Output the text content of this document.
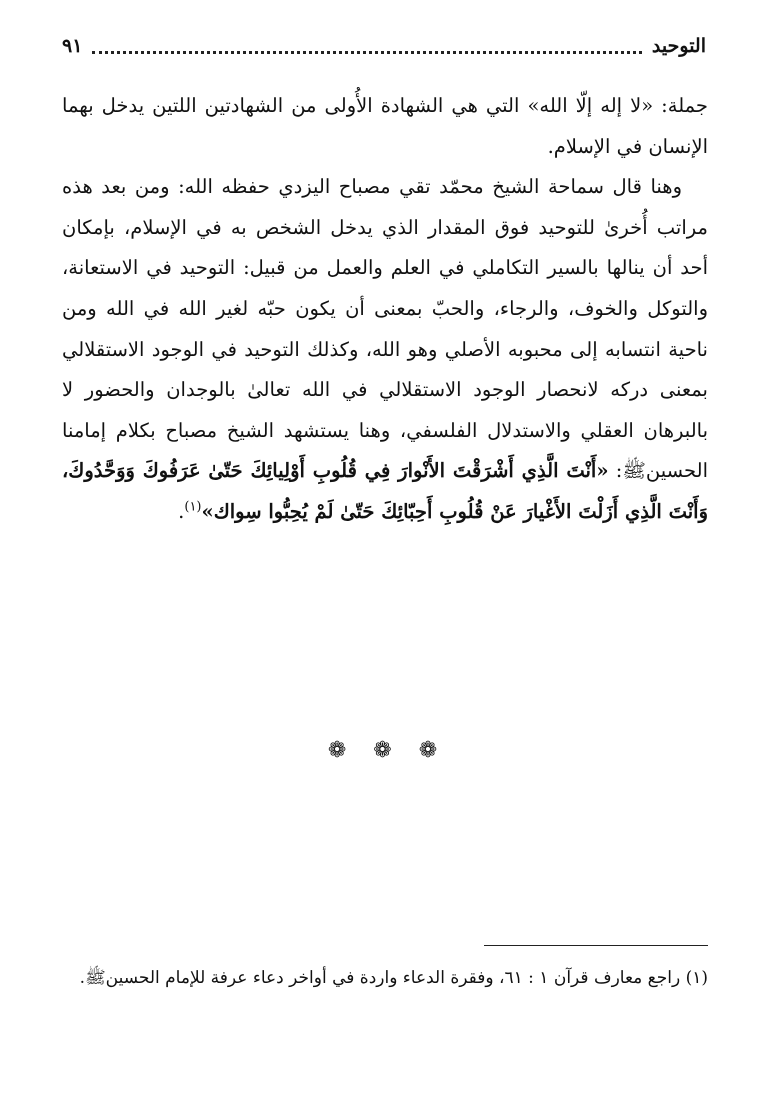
التوحيد
٩١

جملة: «لا إله إلّا الله» التي هي الشهادة الأُولى من الشهادتين اللتين يدخل بهما الإنسان في الإسلام.

وهنا قال سماحة الشيخ محمّد تقي مصباح اليزدي حفظه الله: ومن بعد هذه مراتب أُخرىٰ للتوحيد فوق المقدار الذي يدخل الشخص به في الإسلام، بإمكان أحد أن ينالها بالسير التكاملي في العلم والعمل من قبيل: التوحيد في الاستعانة، والتوكل والخوف، والرجاء، والحبّ بمعنى أن يكون حبّه لغير الله في الله ومن ناحية انتسابه إلى محبوبه الأصلي وهو الله، وكذلك التوحيد في الوجود الاستقلالي بمعنى دركه لانحصار الوجود الاستقلالي في الله تعالىٰ بالوجدان والحضور لا بالبرهان العقلي والاستدلال الفلسفي، وهنا يستشهد الشيخ مصباح بكلام إمامنا الحسينﷺ: «أَنْتَ الَّذِي أَشْرَقْتَ الأَنْوارَ فِي قُلُوبِ أَوْلِيائِكَ حَتّىٰ عَرَفُوكَ وَوَحَّدُوكَ، وَأَنْتَ الَّذِي أَزَلْتَ الأَغْيارَ عَنْ قُلُوبِ أَحِبّائِكَ حَتّىٰ لَمْ يُحِبُّوا سِواك»$^{(١)}$.

❁ ❁ ❁

(١) راجع معارف قرآن ١ : ٦١، وفقرة الدعاء واردة في أواخر دعاء عرفة للإمام الحسينﷺ.
